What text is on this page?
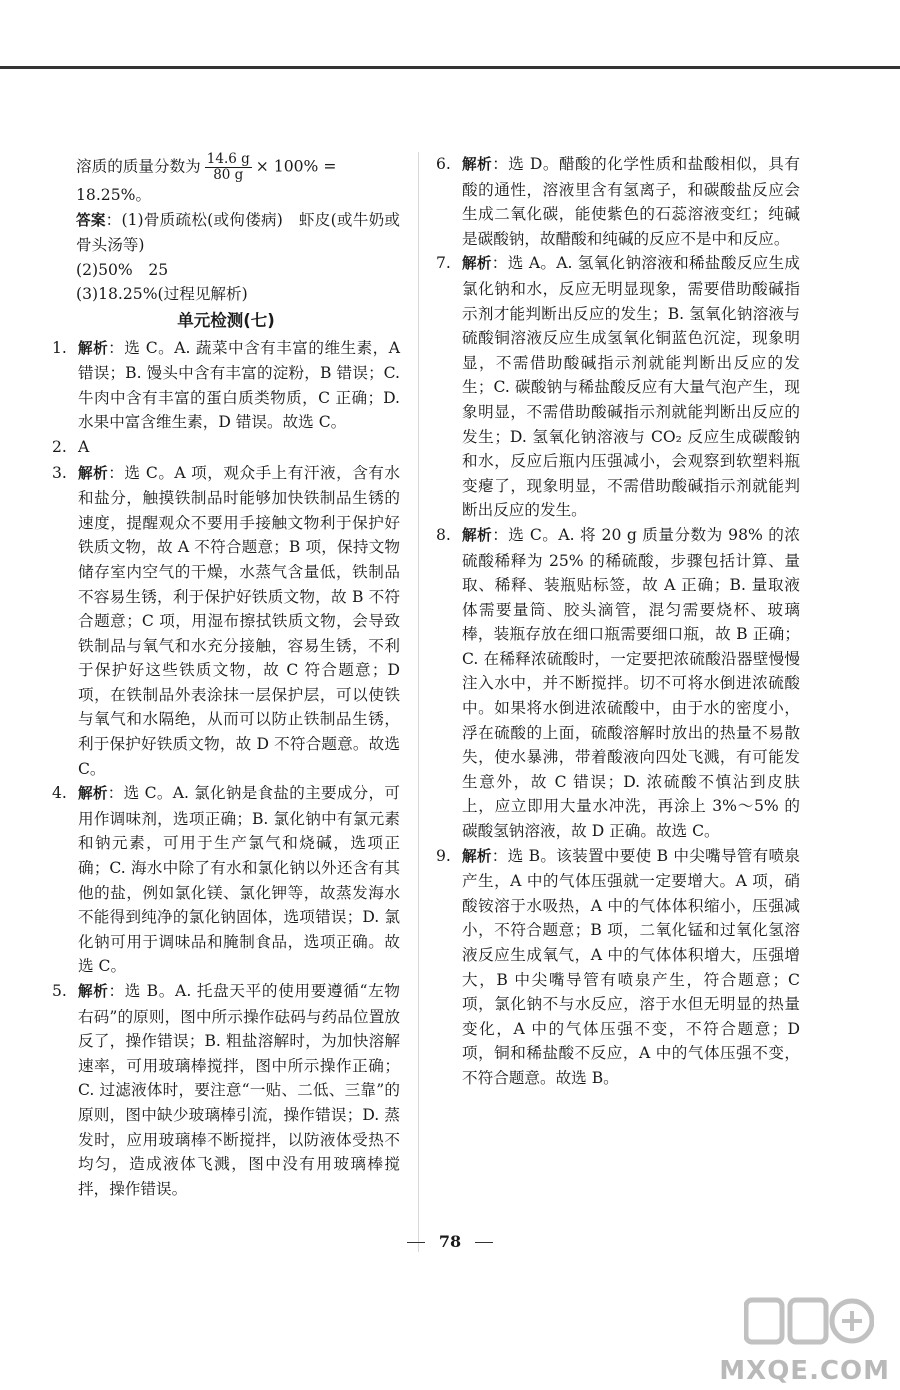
溶质的质量分数为 $\frac{14.6 g}{80 g} \times 100\%$ =

18.25%。

答案：(1)骨质疏松(或佝偻病)　虾皮(或牛奶或骨头汤等)

(2)50%　25

(3)18.25%(过程见解析)

单元检测(七)
1. 解析：选 C。A. 蔬菜中含有丰富的维生素，A 错误；B. 馒头中含有丰富的淀粉，B 错误；C. 牛肉中含有丰富的蛋白质类物质，C 正确；D. 水果中富含维生素，D 错误。故选 C。
2. A
3. 解析：选 C。A 项，观众手上有汗液，含有水和盐分，触摸铁制品时能够加快铁制品生锈的速度，提醒观众不要用手接触文物利于保护好铁质文物，故 A 不符合题意；B 项，保持文物储存室内空气的干燥，水蒸气含量低，铁制品不容易生锈，利于保护好铁质文物，故 B 不符合题意；C 项，用湿布擦拭铁质文物，会导致铁制品与氧气和水充分接触，容易生锈，不利于保护好这些铁质文物，故 C 符合题意；D 项，在铁制品外表涂抹一层保护层，可以使铁与氧气和水隔绝，从而可以防止铁制品生锈，利于保护好铁质文物，故 D 不符合题意。故选 C。
4. 解析：选 C。A. 氯化钠是食盐的主要成分，可用作调味剂，选项正确；B. 氯化钠中有氯元素和钠元素，可用于生产氯气和烧碱，选项正确；C. 海水中除了有水和氯化钠以外还含有其他的盐，例如氯化镁、氯化钾等，故蒸发海水不能得到纯净的氯化钠固体，选项错误；D. 氯化钠可用于调味品和腌制食品，选项正确。故选 C。
5. 解析：选 B。A. 托盘天平的使用要遵循“左物右码”的原则，图中所示操作砝码与药品位置放反了，操作错误；B. 粗盐溶解时，为加快溶解速率，可用玻璃棒搅拌，图中所示操作正确；C. 过滤液体时，要注意“一贴、二低、三靠”的原则，图中缺少玻璃棒引流，操作错误；D. 蒸发时，应用玻璃棒不断搅拌，以防液体受热不均匀，造成液体飞溅，图中没有用玻璃棒搅拌，操作错误。
6. 解析：选 D。醋酸的化学性质和盐酸相似，具有酸的通性，溶液里含有氢离子，和碳酸盐反应会生成二氧化碳，能使紫色的石蕊溶液变红；纯碱是碳酸钠，故醋酸和纯碱的反应不是中和反应。
7. 解析：选 A。A. 氢氧化钠溶液和稀盐酸反应生成氯化钠和水，反应无明显现象，需要借助酸碱指示剂才能判断出反应的发生；B. 氢氧化钠溶液与硫酸铜溶液反应生成氢氧化铜蓝色沉淀，现象明显，不需借助酸碱指示剂就能判断出反应的发生；C. 碳酸钠与稀盐酸反应有大量气泡产生，现象明显，不需借助酸碱指示剂就能判断出反应的发生；D. 氢氧化钠溶液与 CO₂ 反应生成碳酸钠和水，反应后瓶内压强减小，会观察到软塑料瓶变瘪了，现象明显，不需借助酸碱指示剂就能判断出反应的发生。
8. 解析：选 C。A. 将 20 g 质量分数为 98% 的浓硫酸稀释为 25% 的稀硫酸，步骤包括计算、量取、稀释、装瓶贴标签，故 A 正确；B. 量取液体需要量筒、胶头滴管，混匀需要烧杯、玻璃棒，装瓶存放在细口瓶需要细口瓶，故 B 正确；C. 在稀释浓硫酸时，一定要把浓硫酸沿器壁慢慢注入水中，并不断搅拌。切不可将水倒进浓硫酸中。如果将水倒进浓硫酸中，由于水的密度小，浮在硫酸的上面，硫酸溶解时放出的热量不易散失，使水暴沸，带着酸液向四处飞溅，有可能发生意外，故 C 错误；D. 浓硫酸不慎沾到皮肤上，应立即用大量水冲洗，再涂上 3%～5% 的碳酸氢钠溶液，故 D 正确。故选 C。
9. 解析：选 B。该装置中要使 B 中尖嘴导管有喷泉产生，A 中的气体压强就一定要增大。A 项，硝酸铵溶于水吸热，A 中的气体体积缩小，压强减小，不符合题意；B 项，二氧化锰和过氧化氢溶液反应生成氧气，A 中的气体体积增大，压强增大，B 中尖嘴导管有喷泉产生，符合题意；C 项，氯化钠不与水反应，溶于水但无明显的热量变化，A 中的气体压强不变，不符合题意；D 项，铜和稀盐酸不反应，A 中的气体压强不变，不符合题意。故选 B。
78
MXQE.COM
